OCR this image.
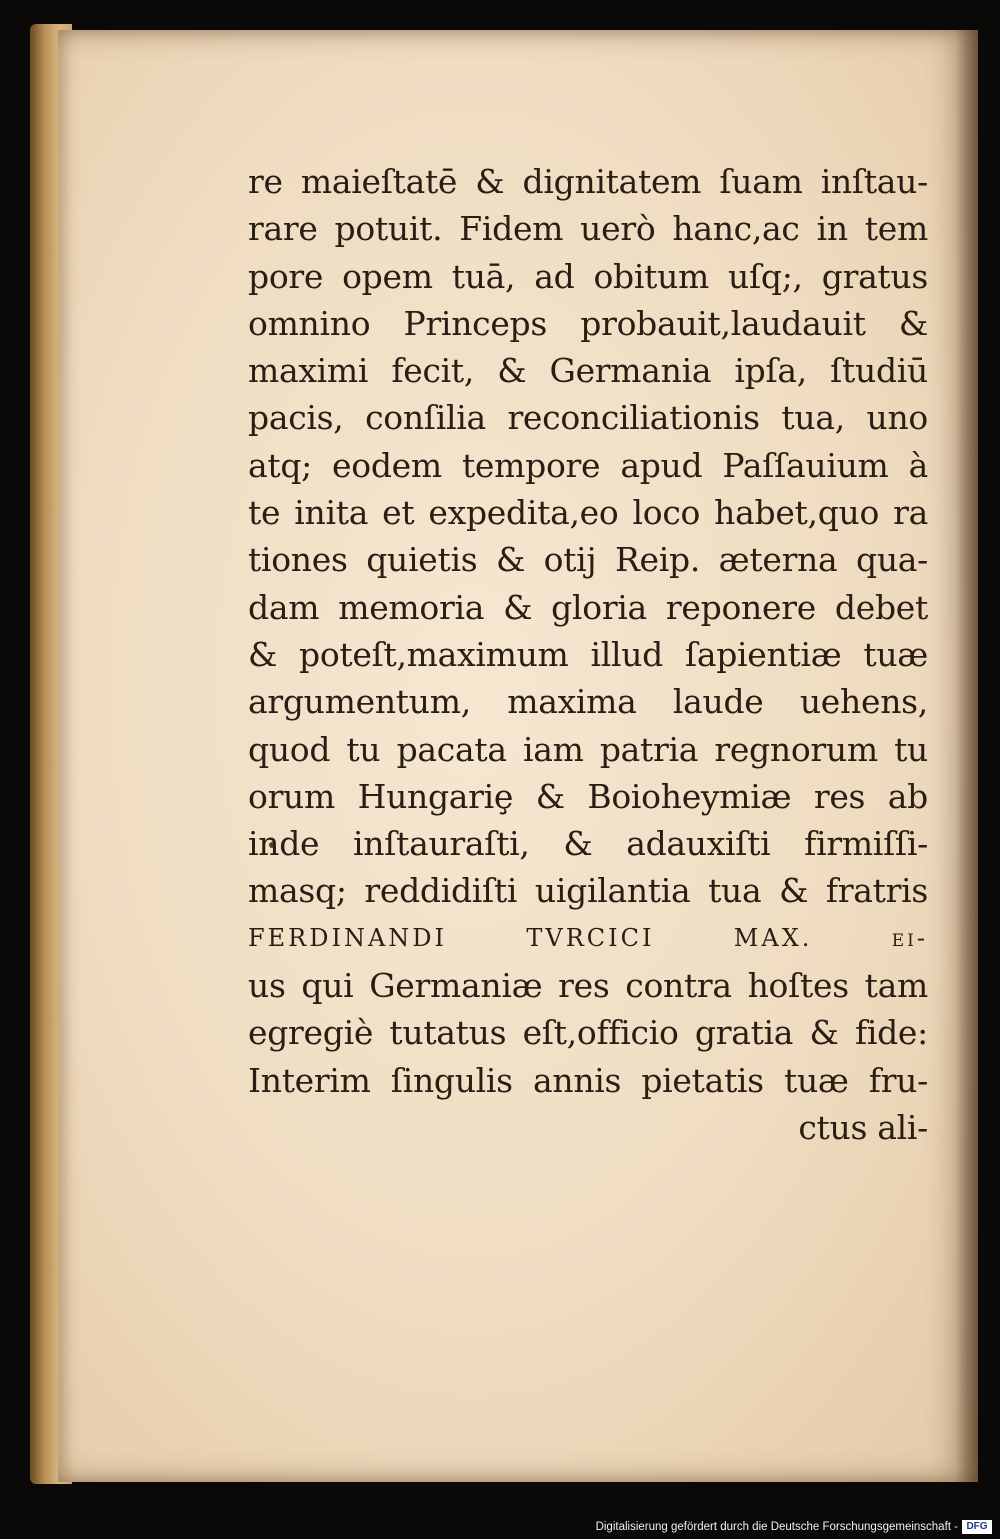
re maieſtatē & dignitatem ſuam inſtau-
rare potuit. Fidem uerò hanc,ac in tem
pore opem tuā, ad obitum uſq;, gratus
omnino Princeps probauit,laudauit &
maximi fecit, & Germania ipſa, ſtudiū
pacis, conſilia reconciliationis tua, uno
atq; eodem tempore apud Paſſauium à
te inita et expedita,eo loco habet,quo ra
tiones quietis & otij Reip. æterna qua-
dam memoria & gloria reponere debet
& poteſt,maximum illud ſapientiæ tuæ
argumentum, maxima laude uehens,
quod tu pacata iam patria regnorum tu
orum Hungariȩ & Boioheymiæ res ab
inde inſtauraſti, & adauxiſti firmiſſi-
masq; reddidiſti uigilantia tua & fratris
FERDINANDI TVRCICI MAX. ei-
us qui Germaniæ res contra hoſtes tam
egregiè tutatus eſt,officio gratia & fide:
Interim ſingulis annis pietatis tuæ fru-
ctus ali-
Digitalisierung gefördert durch die Deutsche Forschungsgemeinschaft - DFG
